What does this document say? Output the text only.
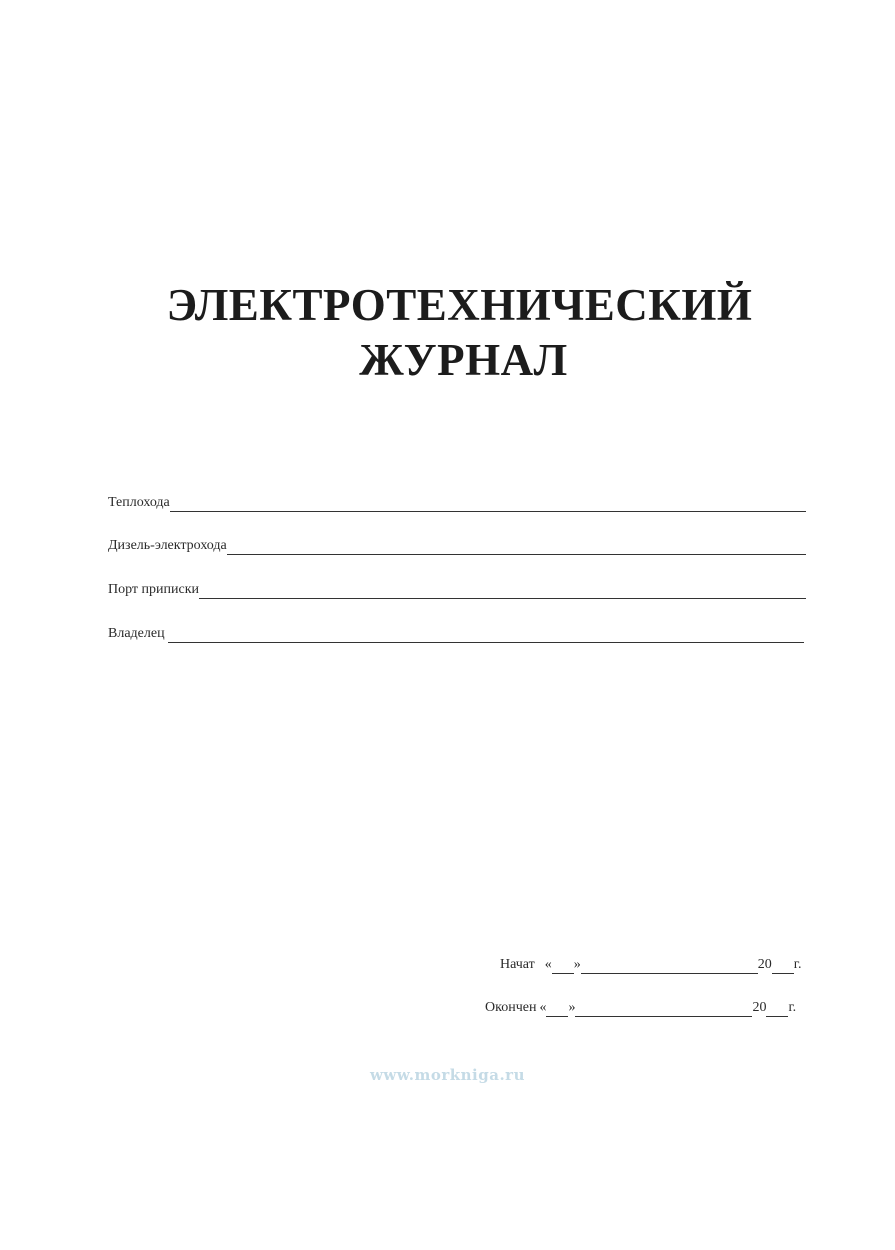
ЭЛЕКТРОТЕХНИЧЕСКИЙ
ЖУРНАЛ
Теплохода
Дизель-электрохода
Порт приписки
Владелец
Начат « »	20 г.
Окончен « »	20 г.
www.morkniga.ru
